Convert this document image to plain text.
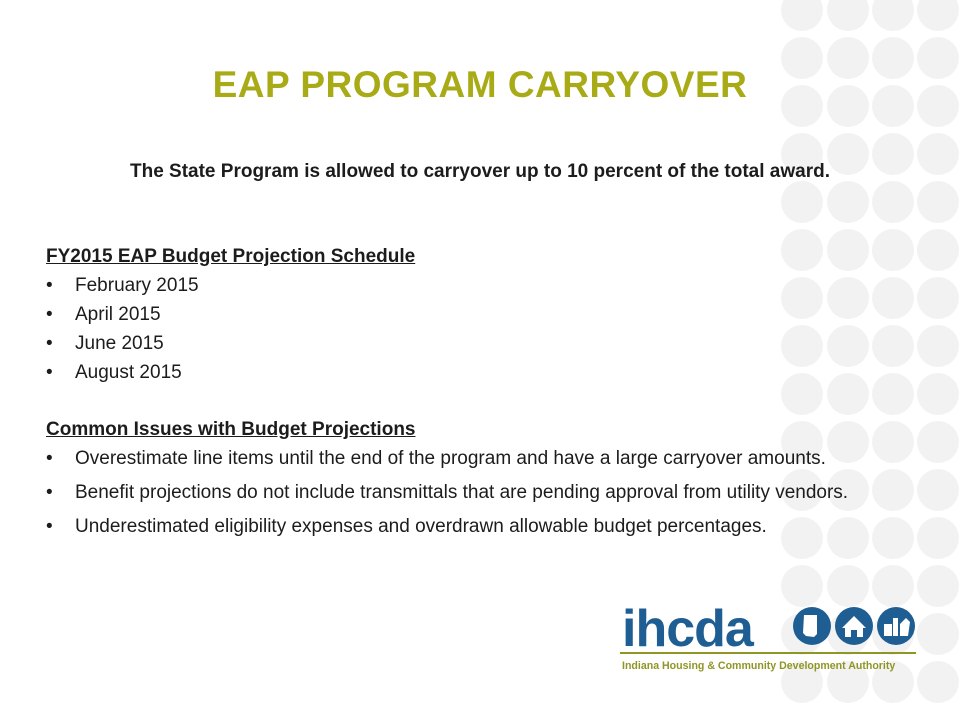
EAP PROGRAM CARRYOVER
The State Program is allowed to carryover up to 10 percent of the total award.
FY2015 EAP Budget Projection Schedule
• February 2015
• April 2015
• June 2015
• August 2015
Common Issues with Budget Projections
• Overestimate line items until the end of the program and have a large carryover amounts.
• Benefit projections do not include transmittals that are pending approval from utility vendors.
• Underestimated eligibility expenses and overdrawn allowable budget percentages.
ihcda
Indiana Housing & Community Development Authority
